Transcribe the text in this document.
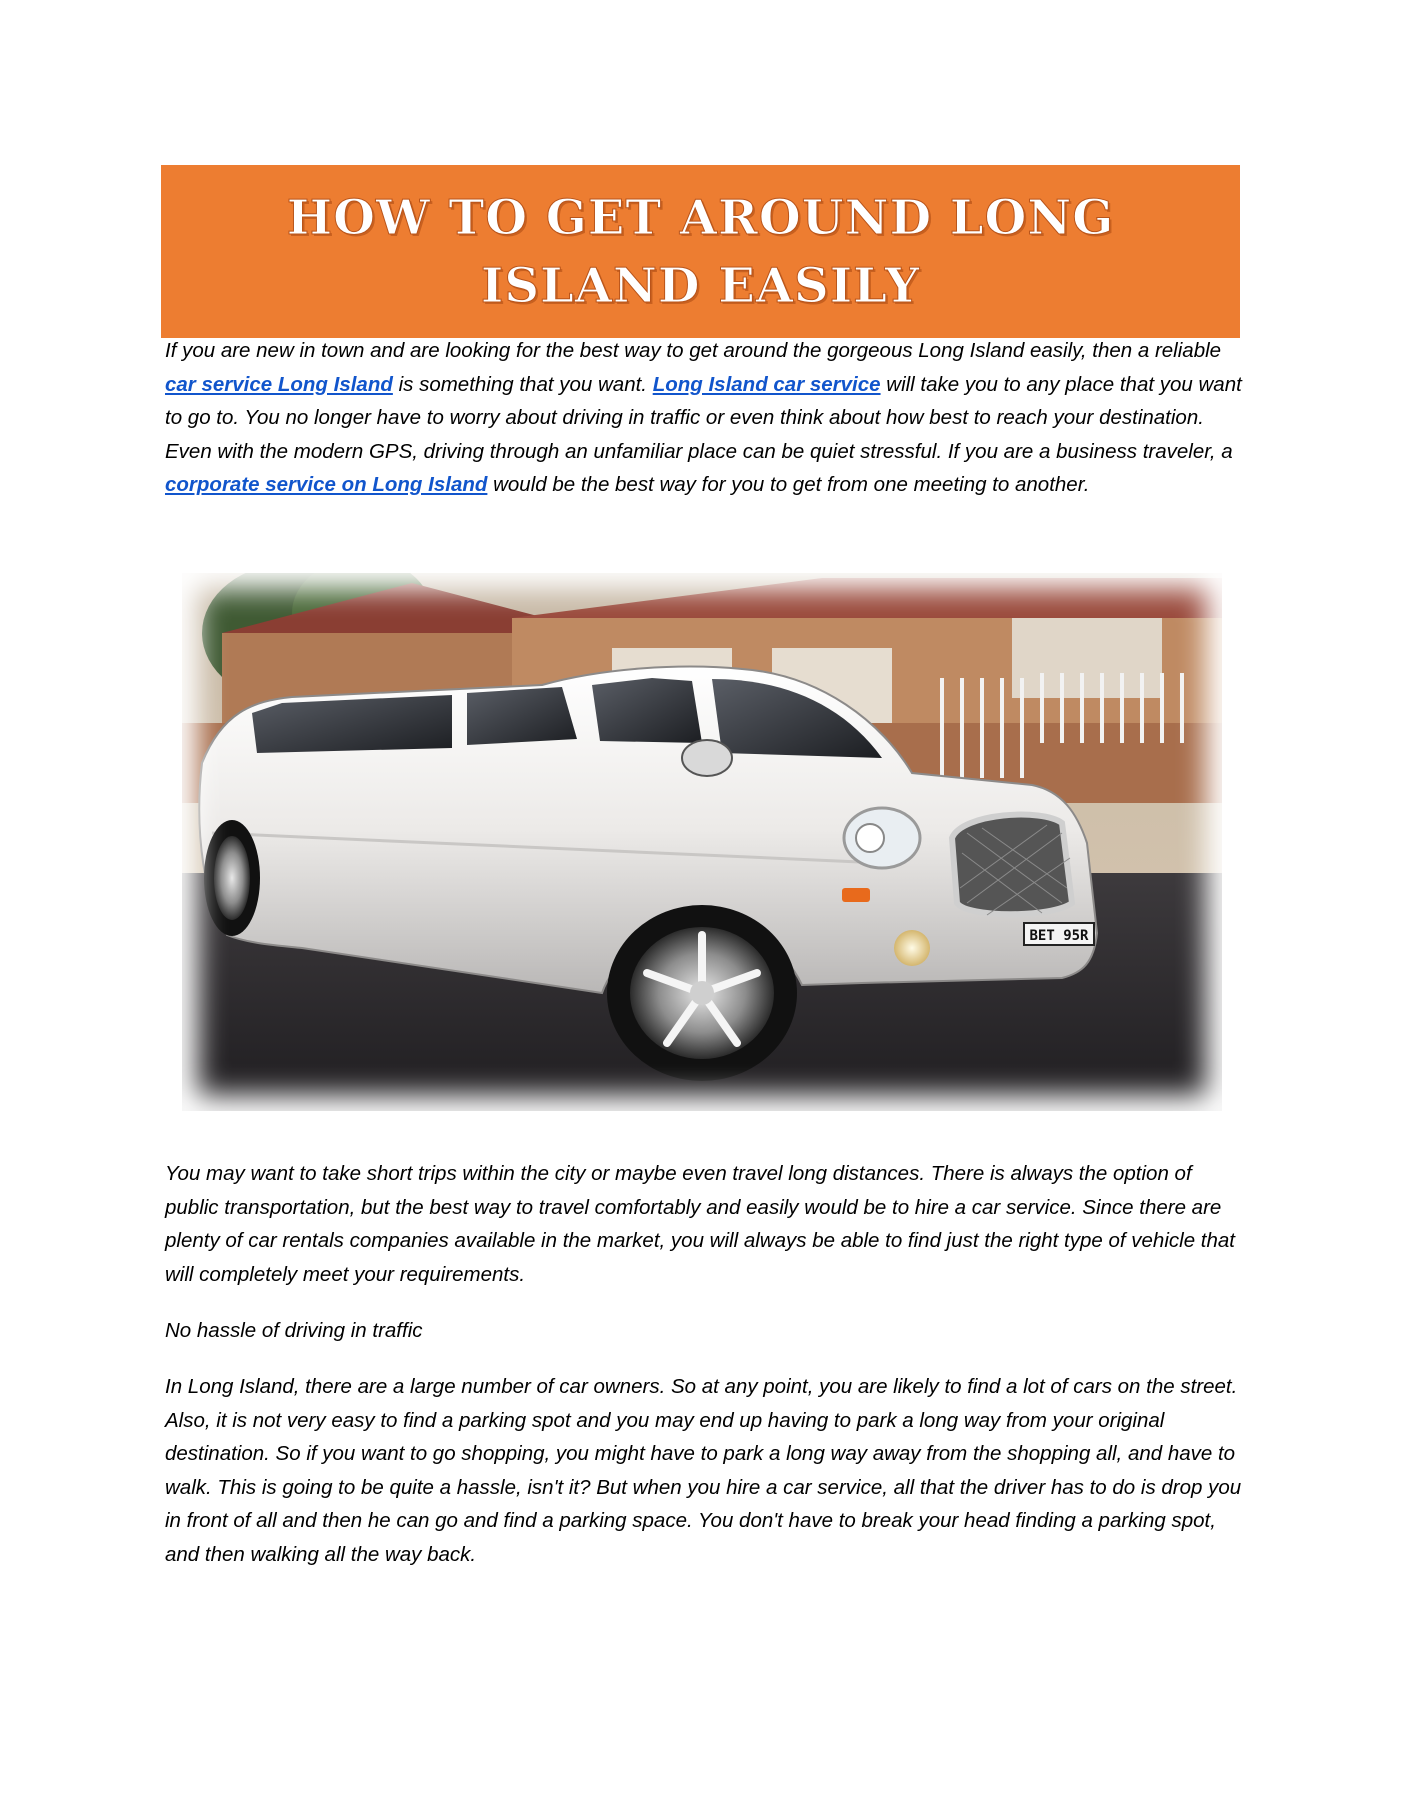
HOW TO GET AROUND LONG ISLAND EASILY

If you are new in town and are looking for the best way to get around the gorgeous Long Island easily, then a reliable car service Long Island is something that you want. Long Island car service will take you to any place that you want to go to. You no longer have to worry about driving in traffic or even think about how best to reach your destination. Even with the modern GPS, driving through an unfamiliar place can be quiet stressful. If you are a business traveler, a corporate service on Long Island would be the best way for you to get from one meeting to another.

BET 95R

You may want to take short trips within the city or maybe even travel long distances. There is always the option of public transportation, but the best way to travel comfortably and easily would be to hire a car service. Since there are plenty of car rentals companies available in the market, you will always be able to find just the right type of vehicle that will completely meet your requirements.

No hassle of driving in traffic

In Long Island, there are a large number of car owners. So at any point, you are likely to find a lot of cars on the street. Also, it is not very easy to find a parking spot and you may end up having to park a long way from your original destination. So if you want to go shopping, you might have to park a long way away from the shopping all, and have to walk. This is going to be quite a hassle, isn't it? But when you hire a car service, all that the driver has to do is drop you in front of all and then he can go and find a parking space. You don't have to break your head finding a parking spot, and then walking all the way back.
